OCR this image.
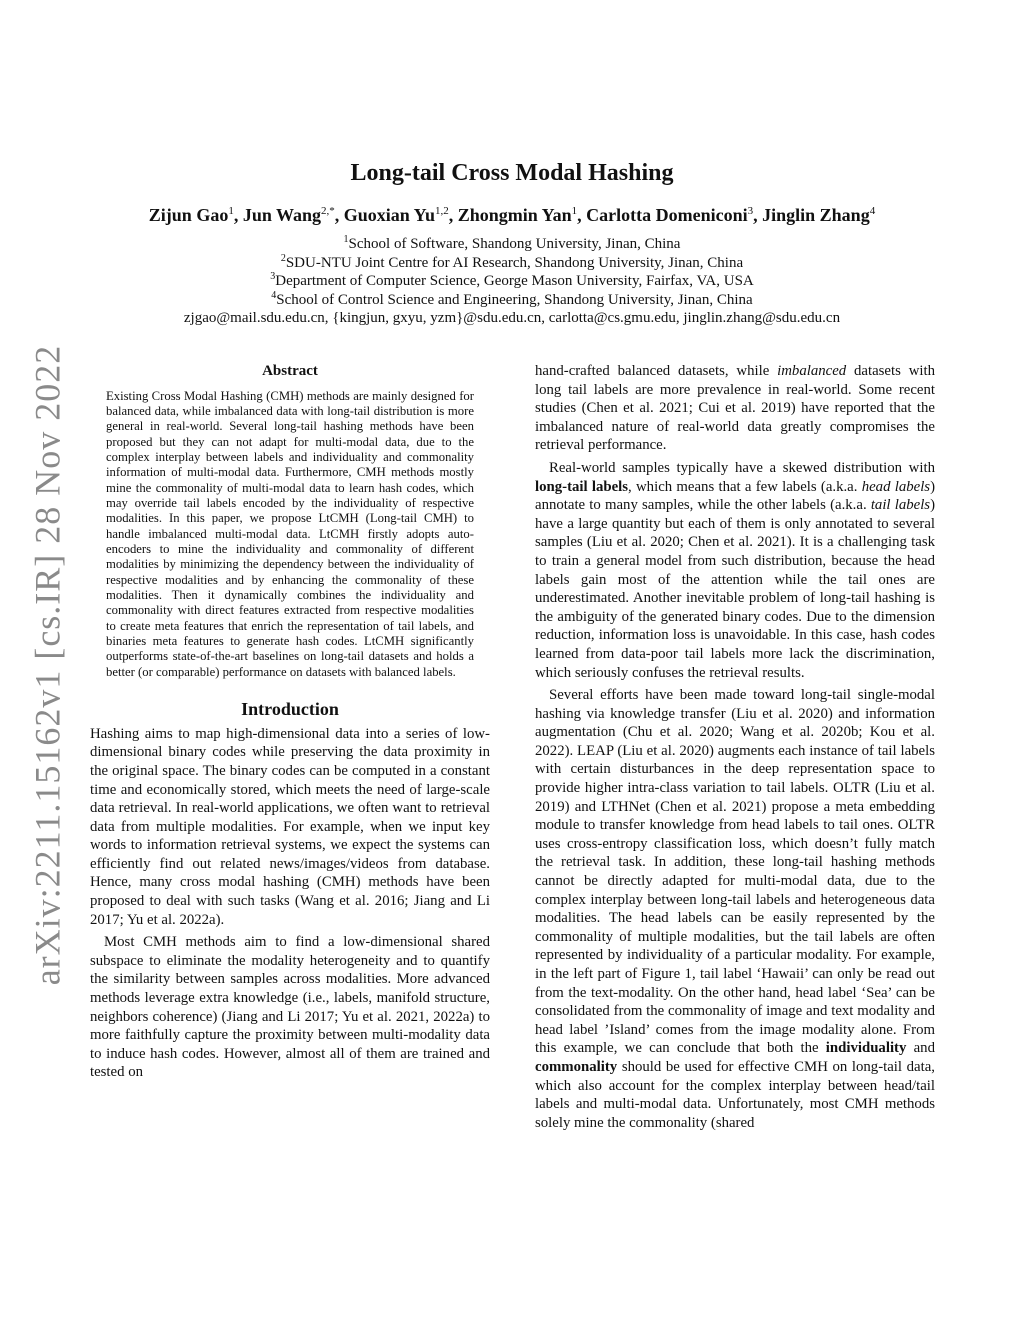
arXiv:2211.15162v1 [cs.IR] 28 Nov 2022
Long-tail Cross Modal Hashing
Zijun Gao$^1$, Jun Wang$^{2,*}$, Guoxian Yu$^{1,2}$, Zhongmin Yan$^1$, Carlotta Domeniconi$^3$, Jinglin Zhang$^4$
$^1$School of Software, Shandong University, Jinan, China
$^2$SDU-NTU Joint Centre for AI Research, Shandong University, Jinan, China
$^3$Department of Computer Science, George Mason University, Fairfax, VA, USA
$^4$School of Control Science and Engineering, Shandong University, Jinan, China
zjgao@mail.sdu.edu.cn, {kingjun, gxyu, yzm}@sdu.edu.cn, carlotta@cs.gmu.edu, jinglin.zhang@sdu.edu.cn
Abstract
Existing Cross Modal Hashing (CMH) methods are mainly designed for balanced data, while imbalanced data with long-tail distribution is more general in real-world. Several long-tail hashing methods have been proposed but they can not adapt for multi-modal data, due to the complex interplay between labels and individuality and commonality information of multi-modal data. Furthermore, CMH methods mostly mine the commonality of multi-modal data to learn hash codes, which may override tail labels encoded by the individuality of respective modalities. In this paper, we propose LtCMH (Long-tail CMH) to handle imbalanced multi-modal data. LtCMH firstly adopts auto-encoders to mine the individuality and commonality of different modalities by minimizing the dependency between the individuality of respective modalities and by enhancing the commonality of these modalities. Then it dynamically combines the individuality and commonality with direct features extracted from respective modalities to create meta features that enrich the representation of tail labels, and binaries meta features to generate hash codes. LtCMH significantly outperforms state-of-the-art baselines on long-tail datasets and holds a better (or comparable) performance on datasets with balanced labels.
Introduction

Hashing aims to map high-dimensional data into a series of low-dimensional binary codes while preserving the data proximity in the original space. The binary codes can be computed in a constant time and economically stored, which meets the need of large-scale data retrieval. In real-world applications, we often want to retrieval data from multiple modalities. For example, when we input key words to information retrieval systems, we expect the systems can efficiently find out related news/images/videos from database. Hence, many cross modal hashing (CMH) methods have been proposed to deal with such tasks (Wang et al. 2016; Jiang and Li 2017; Yu et al. 2022a).

Most CMH methods aim to find a low-dimensional shared subspace to eliminate the modality heterogeneity and to quantify the similarity between samples across modalities. More advanced methods leverage extra knowledge (i.e., labels, manifold structure, neighbors coherence) (Jiang and Li 2017; Yu et al. 2021, 2022a) to more faithfully capture the proximity between multi-modality data to induce hash codes. However, almost all of them are trained and tested on

hand-crafted balanced datasets, while imbalanced datasets with long tail labels are more prevalence in real-world. Some recent studies (Chen et al. 2021; Cui et al. 2019) have reported that the imbalanced nature of real-world data greatly compromises the retrieval performance.

Real-world samples typically have a skewed distribution with long-tail labels, which means that a few labels (a.k.a. head labels) annotate to many samples, while the other labels (a.k.a. tail labels) have a large quantity but each of them is only annotated to several samples (Liu et al. 2020; Chen et al. 2021). It is a challenging task to train a general model from such distribution, because the head labels gain most of the attention while the tail ones are underestimated. Another inevitable problem of long-tail hashing is the ambiguity of the generated binary codes. Due to the dimension reduction, information loss is unavoidable. In this case, hash codes learned from data-poor tail labels more lack the discrimination, which seriously confuses the retrieval results.

Several efforts have been made toward long-tail single-modal hashing via knowledge transfer (Liu et al. 2020) and information augmentation (Chu et al. 2020; Wang et al. 2020b; Kou et al. 2022). LEAP (Liu et al. 2020) augments each instance of tail labels with certain disturbances in the deep representation space to provide higher intra-class variation to tail labels. OLTR (Liu et al. 2019) and LTHNet (Chen et al. 2021) propose a meta embedding module to transfer knowledge from head labels to tail ones. OLTR uses cross-entropy classification loss, which doesn’t fully match the retrieval task. In addition, these long-tail hashing methods cannot be directly adapted for multi-modal data, due to the complex interplay between long-tail labels and heterogeneous data modalities. The head labels can be easily represented by the commonality of multiple modalities, but the tail labels are often represented by individuality of a particular modality. For example, in the left part of Figure 1, tail label ‘Hawaii’ can only be read out from the text-modality. On the other hand, head label ‘Sea’ can be consolidated from the commonality of image and text modality and head label ’Island’ comes from the image modality alone. From this example, we can conclude that both the individuality and commonality should be used for effective CMH on long-tail data, which also account for the complex interplay between head/tail labels and multi-modal data. Unfortunately, most CMH methods solely mine the commonality (shared
